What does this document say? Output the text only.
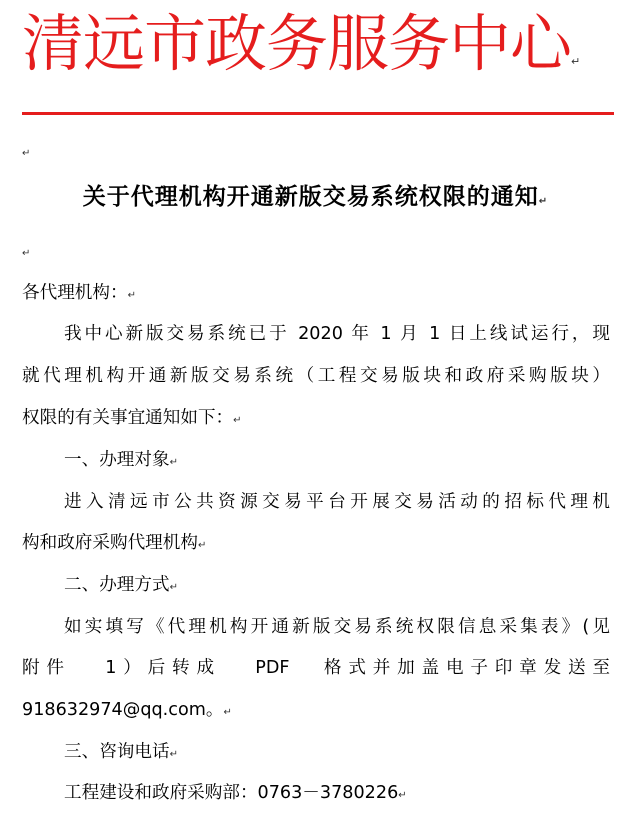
清远市政务服务中心↵
↵
关于代理机构开通新版交易系统权限的通知↵
↵
各代理机构：↵
我中心新版交易系统已于 2020 年 1 月 1 日上线试运行，现
就代理机构开通新版交易系统（工程交易版块和政府采购版块）
权限的有关事宜通知如下：↵
一、办理对象↵
进入清远市公共资源交易平台开展交易活动的招标代理机
构和政府采购代理机构↵
二、办理方式↵
如实填写《代理机构开通新版交易系统权限信息采集表》(见
附件 1）后转成 PDF 格式并加盖电子印章发送至
918632974@qq.com。↵
三、咨询电话↵
工程建设和政府采购部：0763－3780226↵
